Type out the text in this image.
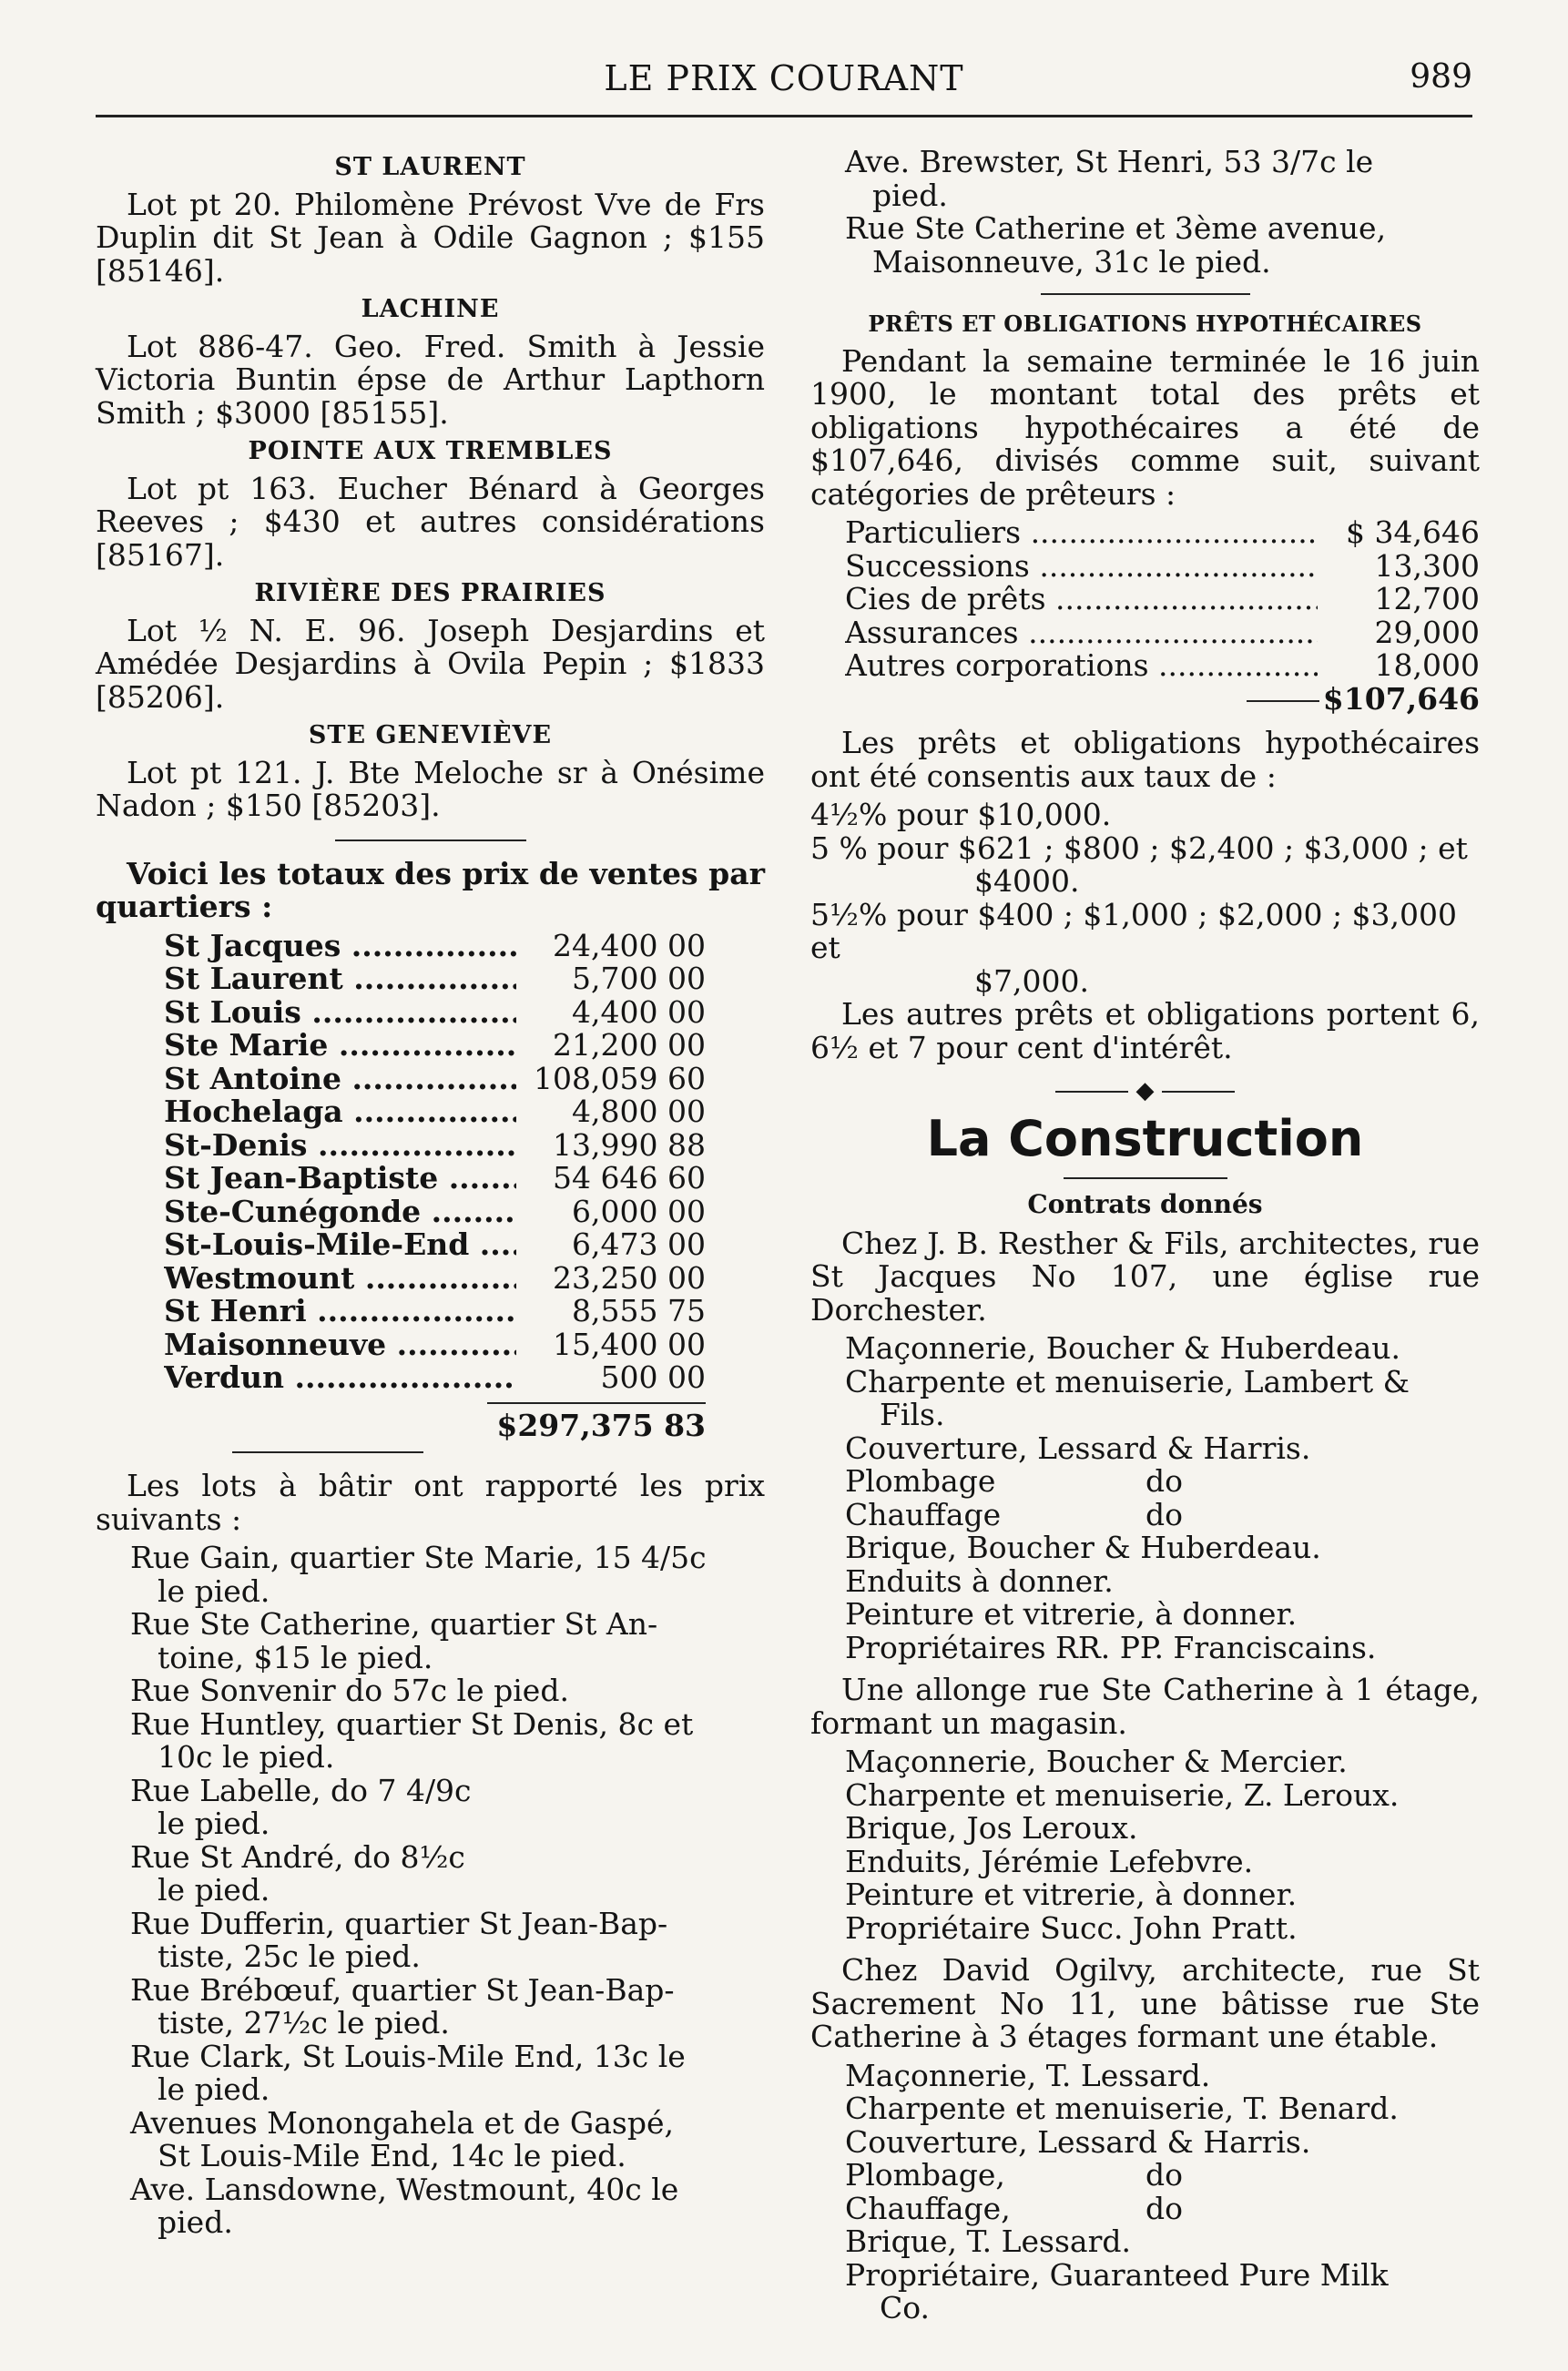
LE PRIX COURANT	989
ST LAURENT

Lot pt 20. Philomène Prévost Vve de Frs Duplin dit St Jean à Odile Gagnon ; $155 [85146].

LACHINE

Lot 886-47. Geo. Fred. Smith à Jessie Victoria Buntin épse de Arthur Lapthorn Smith ; $3000 [85155].

POINTE AUX TREMBLES

Lot pt 163. Eucher Bénard à Georges Reeves ; $430 et autres considérations [85167].

RIVIÈRE DES PRAIRIES

Lot ½ N. E. 96. Joseph Desjardins et Amédée Desjardins à Ovila Pepin ; $1833 [85206].

STE GENEVIÈVE

Lot pt 121. J. Bte Meloche sr à Onésime Nadon ; $150 [85203].

Voici les totaux des prix de ventes par quartiers :

St Jacques .....	24,400 00
St Laurent .....	5,700 00
St Louis .....	4,400 00
Ste Marie .....	21,200 00
St Antoine .....	108,059 60
Hochelaga .....	4,800 00
St-Denis .....	13,990 88
St Jean-Baptiste .....	54 646 60
Ste-Cunégonde .....	6,000 00
St-Louis-Mile-End .....	6,473 00
Westmount .....	23,250 00
St Henri .....	8,555 75
Maisonneuve .....	15,400 00
Verdun .....	500 00
$297,375 83

Les lots à bâtir ont rapporté les prix suivants :

Rue Gain, quartier Ste Marie, 15 4/5c
le pied.
Rue Ste Catherine, quartier St An-
toine, $15 le pied.
Rue Sonvenir do 57c le pied.
Rue Huntley, quartier St Denis, 8c et
10c le pied.
Rue Labelle, do 7 4/9c
le pied.
Rue St André, do 8½c
le pied.
Rue Dufferin, quartier St Jean-Bap-
tiste, 25c le pied.
Rue Brébœuf, quartier St Jean-Bap-
tiste, 27½c le pied.
Rue Clark, St Louis-Mile End, 13c le
le pied.
Avenues Monongahela et de Gaspé,
St Louis-Mile End, 14c le pied.
Ave. Lansdowne, Westmount, 40c le
pied.
Ave. Brewster, St Henri, 53 3/7c le
pied.
Rue Ste Catherine et 3ème avenue,
Maisonneuve, 31c le pied.
PRÊTS ET OBLIGATIONS HYPOTHÉCAIRES

Pendant la semaine terminée le 16 juin 1900, le montant total des prêts et obligations hypothécaires a été de $107,646, divisés comme suit, suivant catégories de prêteurs :

Particuliers .....	$ 34,646
Successions .....	13,300
Cies de prêts .....	12,700
Assurances .....	29,000
Autres corporations .....	18,000
$107,646

Les prêts et obligations hypothécaires ont été consentis aux taux de :

4½% pour $10,000.
5 % pour $621 ; $800 ; $2,400 ; $3,000 ; et
$4000.
5½% pour $400 ; $1,000 ; $2,000 ; $3,000 et
$7,000.

Les autres prêts et obligations portent 6, 6½ et 7 pour cent d'intérêt.

◆
La Construction
Contrats donnés

Chez J. B. Resther & Fils, architectes, rue St Jacques No 107, une église rue Dorchester.

Maçonnerie, Boucher & Huberdeau.
Charpente et menuiserie, Lambert &
Fils.
Couverture, Lessard & Harris.
Plombage	do
Chauffage	do
Brique, Boucher & Huberdeau.
Enduits à donner.
Peinture et vitrerie, à donner.
Propriétaires RR. PP. Franciscains.

Une allonge rue Ste Catherine à 1 étage, formant un magasin.

Maçonnerie, Boucher & Mercier.
Charpente et menuiserie, Z. Leroux.
Brique, Jos Leroux.
Enduits, Jérémie Lefebvre.
Peinture et vitrerie, à donner.
Propriétaire Succ. John Pratt.

Chez David Ogilvy, architecte, rue St Sacrement No 11, une bâtisse rue Ste Catherine à 3 étages formant une étable.

Maçonnerie, T. Lessard.
Charpente et menuiserie, T. Benard.
Couverture, Lessard & Harris.
Plombage,	do
Chauffage,	do
Brique, T. Lessard.
Propriétaire, Guaranteed Pure Milk
Co.
